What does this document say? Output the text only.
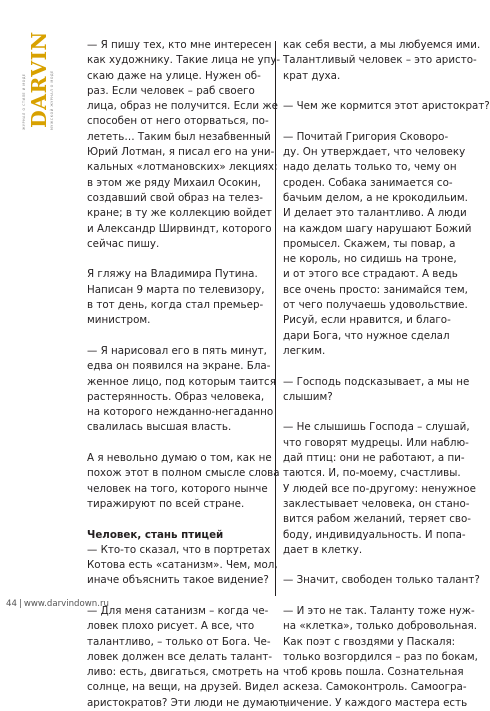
ЖУРНАЛ О СТИЛЕ И МОДЕ DARVIN МУЖСКОЙ ЖУРНАЛ О МОДЕ

— Я пишу тех, кто мне интересен
как художнику. Такие лица не упу-
скаю даже на улице. Нужен об-
раз. Если человек – раб своего
лица, образ не получится. Если же
способен от него оторваться, по-
лететь… Таким был незабвенный
Юрий Лотман, я писал его на уни-
кальных «лотмановских» лекциях;
в этом же ряду Михаил Осокин,
создавший свой образ на телез-
кране; в ту же коллекцию войдет
и Александр Ширвиндт, которого
сейчас пишу.

Я гляжу на Владимира Путина.
Написан 9 марта по телевизору,
в тот день, когда стал премьер-
министром.

— Я нарисовал его в пять минут,
едва он появился на экране. Бла-
женное лицо, под которым таится
растерянность. Образ человека,
на которого нежданно-негаданно
свалилась высшая власть.

А я невольно думаю о том, как не
похож этот в полном смысле слова
человек на того, которого нынче
тиражируют по всей стране.

Человек, стань птицей

— Кто-то сказал, что в портретах
Котова есть «сатанизм». Чем, мол,
иначе объяснить такое видение?

— Для меня сатанизм – когда че-
ловек плохо рисует. А все, что
талантливо, – только от Бога. Че-
ловек должен все делать талант-
ливо: есть, двигаться, смотреть на
солнце, на вещи, на друзей. Видел
аристократов? Эти люди не думают,

как себя вести, а мы любуемся ими.
Талантливый человек – это аристо-
крат духа.

— Чем же кормится этот аристократ?

— Почитай Григория Сковоро-
ду. Он утверждает, что человеку
надо делать только то, чему он
сроден. Собака занимается со-
бачьим делом, а не крокодильим.
И делает это талантливо. А люди
на каждом шагу нарушают Божий
промысел. Скажем, ты повар, а
не король, но сидишь на троне,
и от этого все страдают. А ведь
все очень просто: занимайся тем,
от чего получаешь удовольствие.
Рисуй, если нравится, и благо-
дари Бога, что нужное сделал
легким.

— Господь подсказывает, а мы не
слышим?

— Не слышишь Господа – слушай,
что говорят мудрецы. Или наблю-
дай птиц: они не работают, а пи-
таются. И, по-моему, счастливы.
У людей все по-другому: ненужное
заклестывает человека, он стано-
вится рабом желаний, теряет сво-
боду, индивидуальность. И попа-
дает в клетку.

— Значит, свободен только талант?

— И это не так. Таланту тоже нуж-
на «клетка», только добровольная.
Как поэт с гвоздями у Паскаля:
только возгордился – раз по бокам,
чтоб кровь пошла. Сознательная
аскеза. Самоконтроль. Самоогра-
ничение. У каждого мастера есть

44 | www.darvindown.ru
